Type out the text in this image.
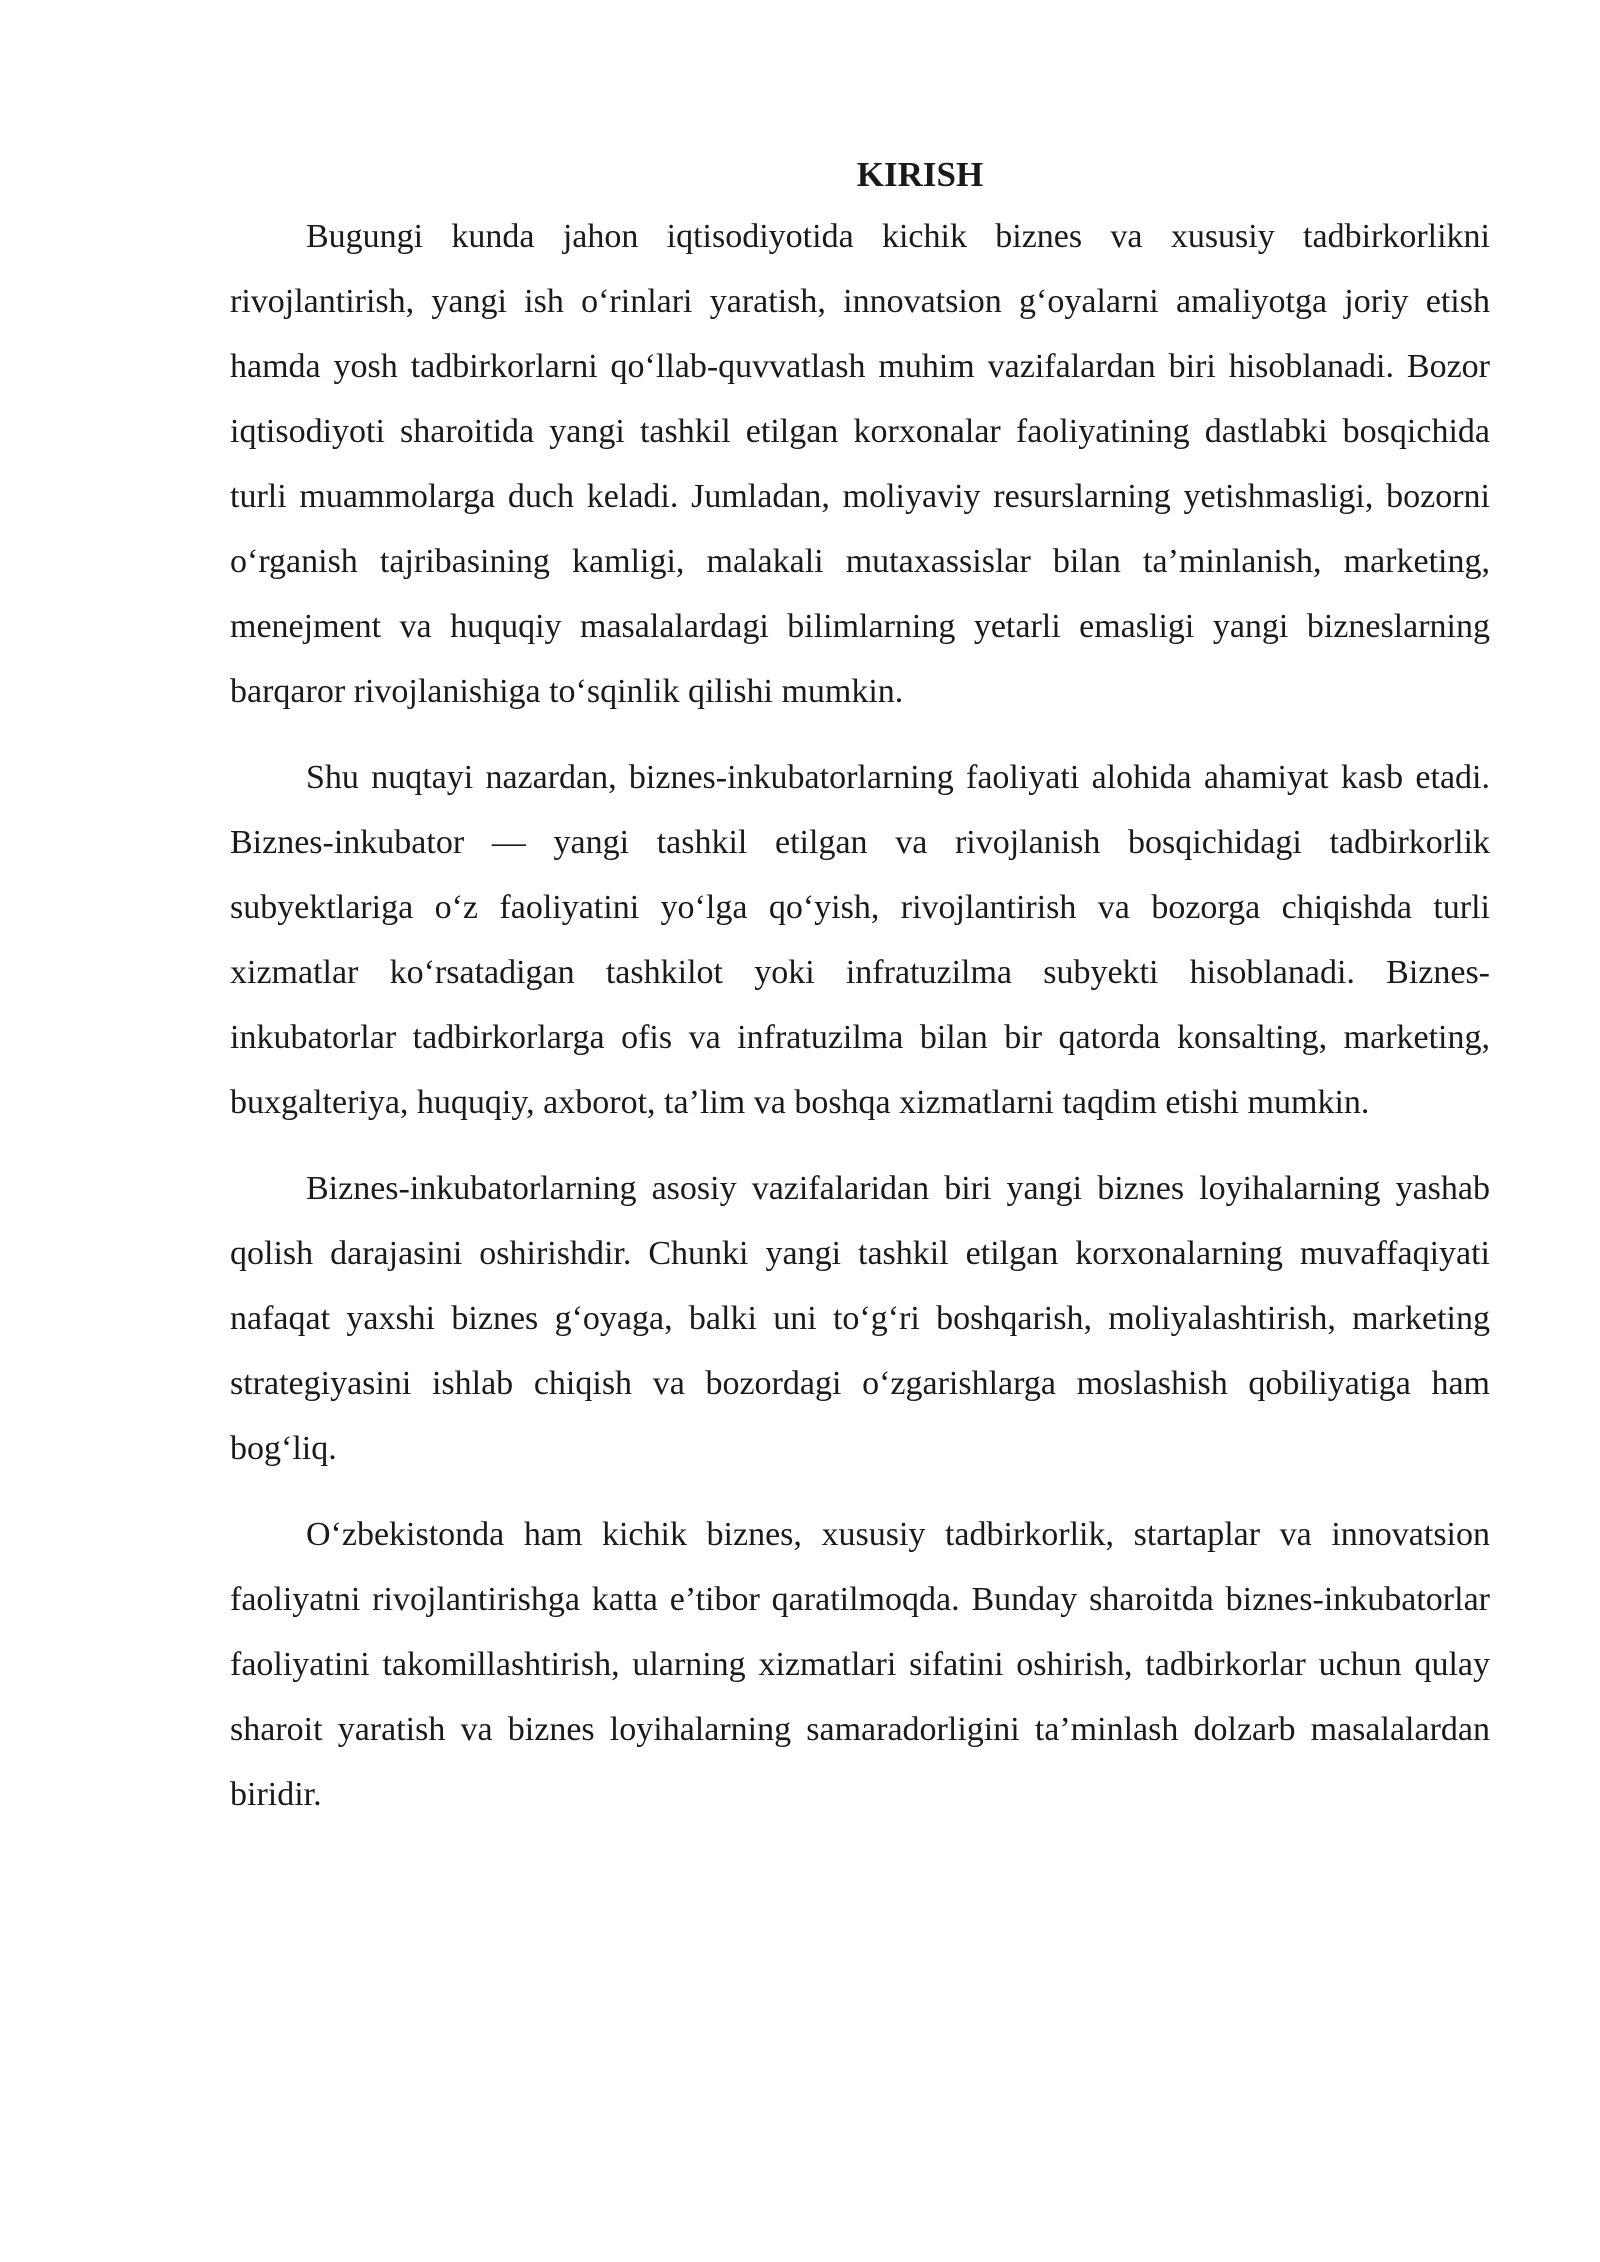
KIRISH

Bugungi kunda jahon iqtisodiyotida kichik biznes va xususiy tadbirkorlikni rivojlantirish, yangi ish o‘rinlari yaratish, innovatsion g‘oyalarni amaliyotga joriy etish hamda yosh tadbirkorlarni qo‘llab-quvvatlash muhim vazifalardan biri hisoblanadi. Bozor iqtisodiyoti sharoitida yangi tashkil etilgan korxonalar faoliyatining dastlabki bosqichida turli muammolarga duch keladi. Jumladan, moliyaviy resurslarning yetishmasligi, bozorni o‘rganish tajribasining kamligi, malakali mutaxassislar bilan ta’minlanish, marketing, menejment va huquqiy masalalardagi bilimlarning yetarli emasligi yangi bizneslarning barqaror rivojlanishiga to‘sqinlik qilishi mumkin.

Shu nuqtayi nazardan, biznes-inkubatorlarning faoliyati alohida ahamiyat kasb etadi. Biznes-inkubator — yangi tashkil etilgan va rivojlanish bosqichidagi tadbirkorlik subyektlariga o‘z faoliyatini yo‘lga qo‘yish, rivojlantirish va bozorga chiqishda turli xizmatlar ko‘rsatadigan tashkilot yoki infratuzilma subyekti hisoblanadi. Biznes-inkubatorlar tadbirkorlarga ofis va infratuzilma bilan bir qatorda konsalting, marketing, buxgalteriya, huquqiy, axborot, ta’lim va boshqa xizmatlarni taqdim etishi mumkin.

Biznes-inkubatorlarning asosiy vazifalaridan biri yangi biznes loyihalarning yashab qolish darajasini oshirishdir. Chunki yangi tashkil etilgan korxonalarning muvaffaqiyati nafaqat yaxshi biznes g‘oyaga, balki uni to‘g‘ri boshqarish, moliyalashtirish, marketing strategiyasini ishlab chiqish va bozordagi o‘zgarishlarga moslashish qobiliyatiga ham bog‘liq.

O‘zbekistonda ham kichik biznes, xususiy tadbirkorlik, startaplar va innovatsion faoliyatni rivojlantirishga katta e’tibor qaratilmoqda. Bunday sharoitda biznes-inkubatorlar faoliyatini takomillashtirish, ularning xizmatlari sifatini oshirish, tadbirkorlar uchun qulay sharoit yaratish va biznes loyihalarning samaradorligini ta’minlash dolzarb masalalardan biridir.
